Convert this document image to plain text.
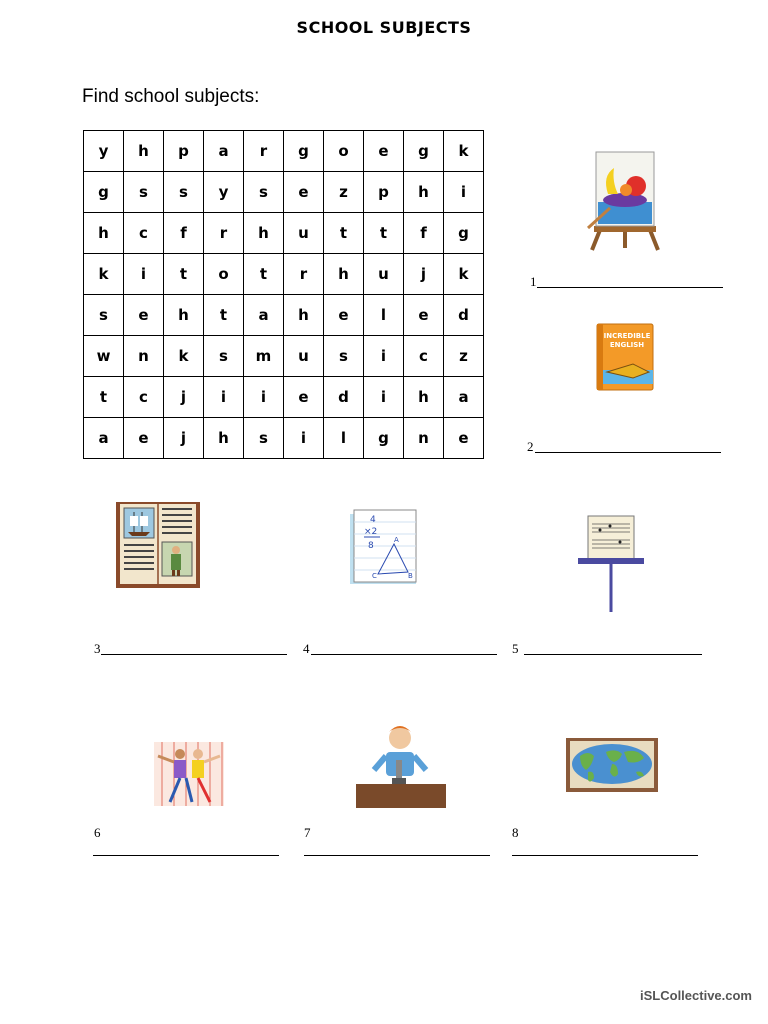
SCHOOL SUBJECTS
Find school subjects:
y	h	p	a	r	g	o	e	g	k
g	s	s	y	s	e	z	p	h	i
h	c	f	r	h	u	t	t	f	g
k	i	t	o	t	r	h	u	j	k
s	e	h	t	a	h	e	l	e	d
w	n	k	s	m	u	s	i	c	z
t	c	j	i	i	e	d	i	h	a
a	e	j	h	s	i	l	g	n	e
1
INCREDIBLE
ENGLISH
2
3
4
×2
8
C
A
B
4	5
6	7	8
iSLCollective.com
